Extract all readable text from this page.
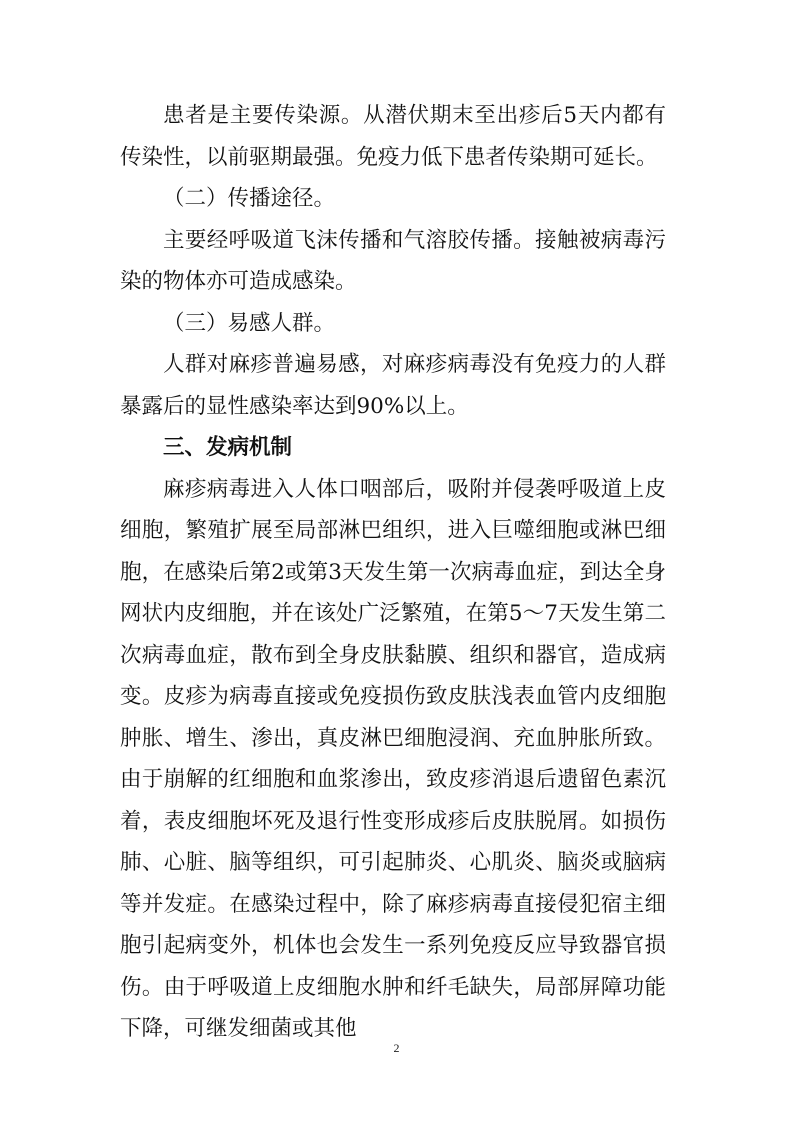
患者是主要传染源。从潜伏期末至出疹后5天内都有传染性，以前驱期最强。免疫力低下患者传染期可延长。

（二）传播途径。

主要经呼吸道飞沫传播和气溶胶传播。接触被病毒污染的物体亦可造成感染。

（三）易感人群。

人群对麻疹普遍易感，对麻疹病毒没有免疫力的人群暴露后的显性感染率达到90%以上。

三、发病机制

麻疹病毒进入人体口咽部后，吸附并侵袭呼吸道上皮细胞，繁殖扩展至局部淋巴组织，进入巨噬细胞或淋巴细胞，在感染后第2或第3天发生第一次病毒血症，到达全身网状内皮细胞，并在该处广泛繁殖，在第5～7天发生第二次病毒血症，散布到全身皮肤黏膜、组织和器官，造成病变。皮疹为病毒直接或免疫损伤致皮肤浅表血管内皮细胞肿胀、增生、渗出，真皮淋巴细胞浸润、充血肿胀所致。由于崩解的红细胞和血浆渗出，致皮疹消退后遗留色素沉着，表皮细胞坏死及退行性变形成疹后皮肤脱屑。如损伤肺、心脏、脑等组织，可引起肺炎、心肌炎、脑炎或脑病等并发症。在感染过程中，除了麻疹病毒直接侵犯宿主细胞引起病变外，机体也会发生一系列免疫反应导致器官损伤。由于呼吸道上皮细胞水肿和纤毛缺失，局部屏障功能下降，可继发细菌或其他

2
